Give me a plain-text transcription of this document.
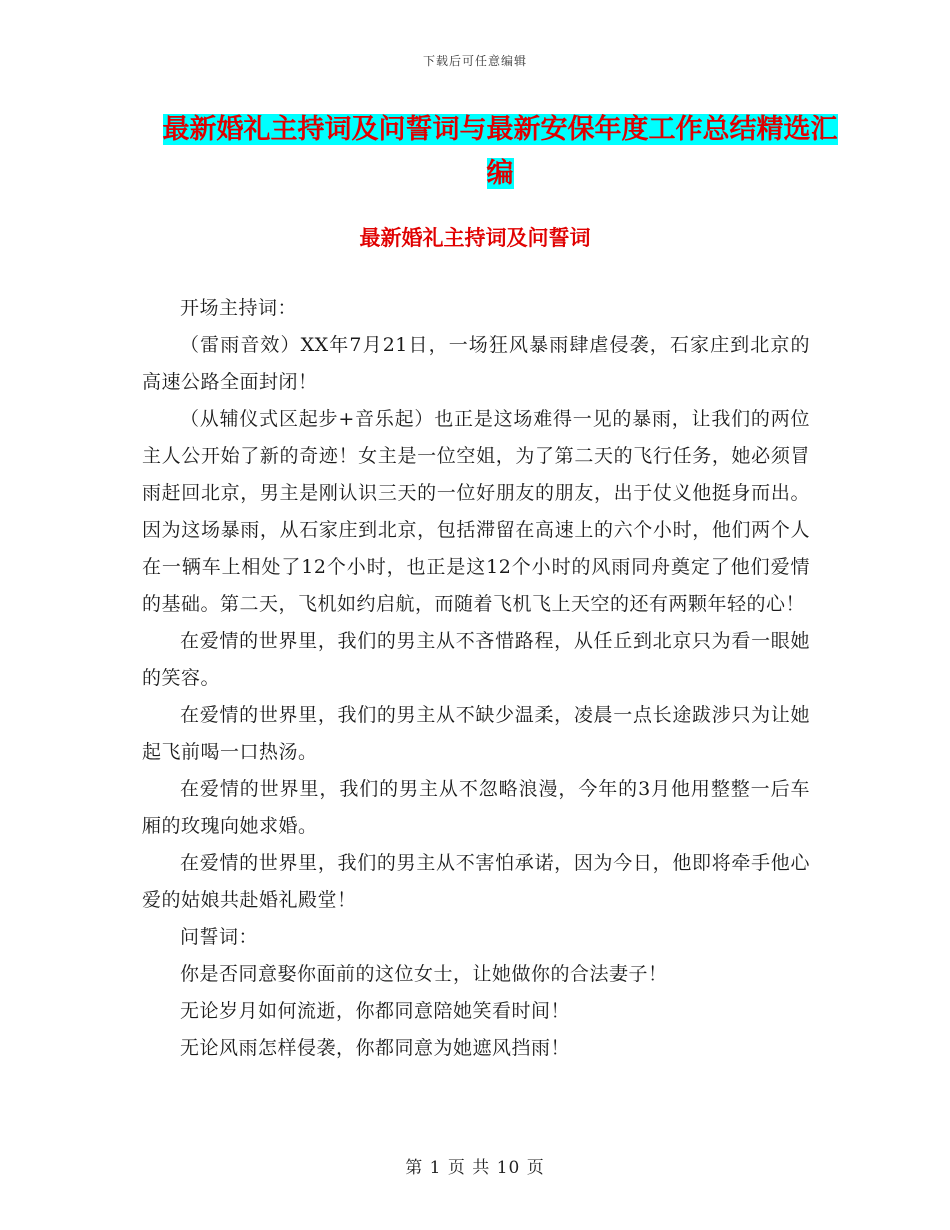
下载后可任意编辑
最新婚礼主持词及问誓词与最新安保年度工作总结精选汇编
最新婚礼主持词及问誓词

开场主持词：

（雷雨音效）XX年7月21日，一场狂风暴雨肆虐侵袭，石家庄到北京的高速公路全面封闭！

（从辅仪式区起步+音乐起）也正是这场难得一见的暴雨，让我们的两位主人公开始了新的奇迹！女主是一位空姐，为了第二天的飞行任务，她必须冒雨赶回北京，男主是刚认识三天的一位好朋友的朋友，出于仗义他挺身而出。因为这场暴雨，从石家庄到北京，包括滞留在高速上的六个小时，他们两个人在一辆车上相处了12个小时，也正是这12个小时的风雨同舟奠定了他们爱情的基础。第二天，飞机如约启航，而随着飞机飞上天空的还有两颗年轻的心！

在爱情的世界里，我们的男主从不吝惜路程，从任丘到北京只为看一眼她的笑容。

在爱情的世界里，我们的男主从不缺少温柔，凌晨一点长途跋涉只为让她起飞前喝一口热汤。

在爱情的世界里，我们的男主从不忽略浪漫，今年的3月他用整整一后车厢的玫瑰向她求婚。

在爱情的世界里，我们的男主从不害怕承诺，因为今日，他即将牵手他心爱的姑娘共赴婚礼殿堂！

问誓词：

你是否同意娶你面前的这位女士，让她做你的合法妻子！

无论岁月如何流逝，你都同意陪她笑看时间！

无论风雨怎样侵袭，你都同意为她遮风挡雨！

第 1 页 共 10 页
